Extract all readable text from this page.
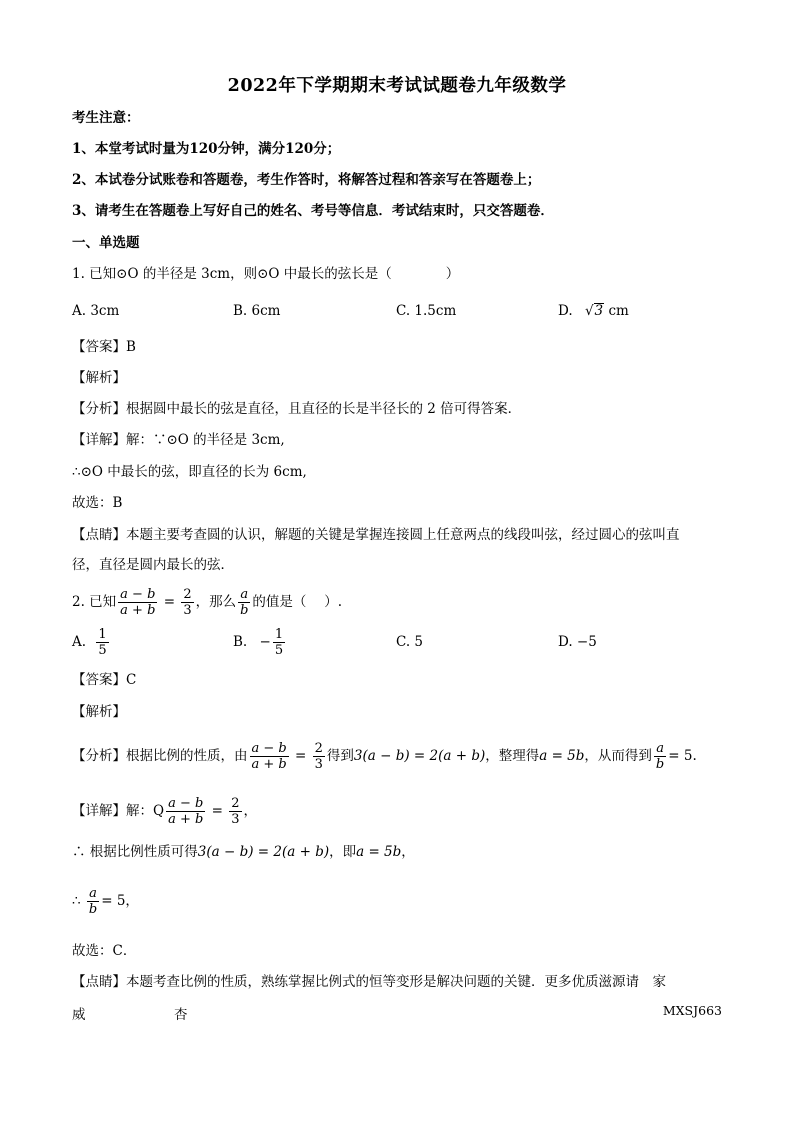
2022年下学期期末考试试题卷九年级数学
考生注意：
1、本堂考试时量为120分钟，满分120分；
2、本试卷分试账卷和答题卷，考生作答时，将解答过程和答亲写在答题卷上；
3、请考生在答题卷上写好自己的姓名、考号等信息．考试结束时，只交答题卷．
一、单选题
1. 已知⊙O 的半径是 3cm，则⊙O 中最长的弦长是（　　　　）
A. 3cm	B. 6cm	C. 1.5cm	D. √3 cm
【答案】B
【解析】
【分析】根据圆中最长的弦是直径，且直径的长是半径长的 2 倍可得答案．
【详解】解：∵⊙O 的半径是 3cm,
∴⊙O 中最长的弦，即直径的长为 6cm,
故选：B
【点睛】本题主要考查圆的认识，解题的关键是掌握连接圆上任意两点的线段叫弦，经过圆心的弦叫直
径，直径是圆内最长的弦．
2. 已知 $\frac{a - b}{a + b} = \frac{2}{3}$ ，那么 $\frac{a}{b}$ 的值是（　 ）.
A. $\frac{1}{5}$	B. − $\frac{1}{5}$	C. 5	D. −5
【答案】C
【解析】
【分析】根据比例的性质，由 $\frac{a - b}{a + b} = \frac{2}{3}$ 得到3(a − b) = 2(a + b)，整理得a = 5b，从而得到 $\frac{a}{b} = 5$.
【详解】解：Q $\frac{a - b}{a + b} = \frac{2}{3}$ ，
∴ 根据比例性质可得3(a − b) = 2(a + b)，即a = 5b，
∴ $\frac{a}{b} = 5$，
故选：C．
【点睛】本题考查比例的性质，熟练掌握比例式的恒等变形是解决问题的关键．更多优质滋源请　家
威	杏	MXSJ663
